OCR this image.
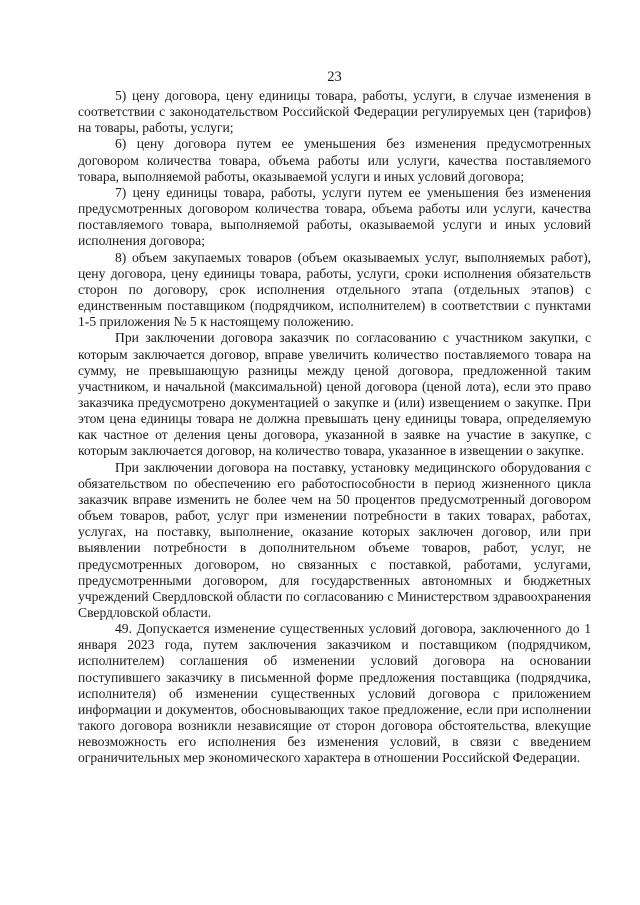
23

5) цену договора, цену единицы товара, работы, услуги, в случае изменения в соответствии с законодательством Российской Федерации регулируемых цен (тарифов) на товары, работы, услуги;

6) цену договора путем ее уменьшения без изменения предусмотренных договором количества товара, объема работы или услуги, качества поставляемого товара, выполняемой работы, оказываемой услуги и иных условий договора;

7) цену единицы товара, работы, услуги путем ее уменьшения без изменения предусмотренных договором количества товара, объема работы или услуги, качества поставляемого товара, выполняемой работы, оказываемой услуги и иных условий исполнения договора;

8) объем закупаемых товаров (объем оказываемых услуг, выполняемых работ), цену договора, цену единицы товара, работы, услуги, сроки исполнения обязательств сторон по договору, срок исполнения отдельного этапа (отдельных этапов) с единственным поставщиком (подрядчиком, исполнителем) в соответствии с пунктами 1-5 приложения № 5 к настоящему положению.

При заключении договора заказчик по согласованию с участником закупки, с которым заключается договор, вправе увеличить количество поставляемого товара на сумму, не превышающую разницы между ценой договора, предложенной таким участником, и начальной (максимальной) ценой договора (ценой лота), если это право заказчика предусмотрено документацией о закупке и (или) извещением о закупке. При этом цена единицы товара не должна превышать цену единицы товара, определяемую как частное от деления цены договора, указанной в заявке на участие в закупке, с которым заключается договор, на количество товара, указанное в извещении о закупке.

При заключении договора на поставку, установку медицинского оборудования с обязательством по обеспечению его работоспособности в период жизненного цикла заказчик вправе изменить не более чем на 50 процентов предусмотренный договором объем товаров, работ, услуг при изменении потребности в таких товарах, работах, услугах, на поставку, выполнение, оказание которых заключен договор, или при выявлении потребности в дополнительном объеме товаров, работ, услуг, не предусмотренных договором, но связанных с поставкой, работами, услугами, предусмотренными договором, для государственных автономных и бюджетных учреждений Свердловской области по согласованию с Министерством здравоохранения Свердловской области.

49. Допускается изменение существенных условий договора, заключенного до 1 января 2023 года, путем заключения заказчиком и поставщиком (подрядчиком, исполнителем) соглашения об изменении условий договора на основании поступившего заказчику в письменной форме предложения поставщика (подрядчика, исполнителя) об изменении существенных условий договора с приложением информации и документов, обосновывающих такое предложение, если при исполнении такого договора возникли независящие от сторон договора обстоятельства, влекущие невозможность его исполнения без изменения условий, в связи с введением ограничительных мер экономического характера в отношении Российской Федерации.
